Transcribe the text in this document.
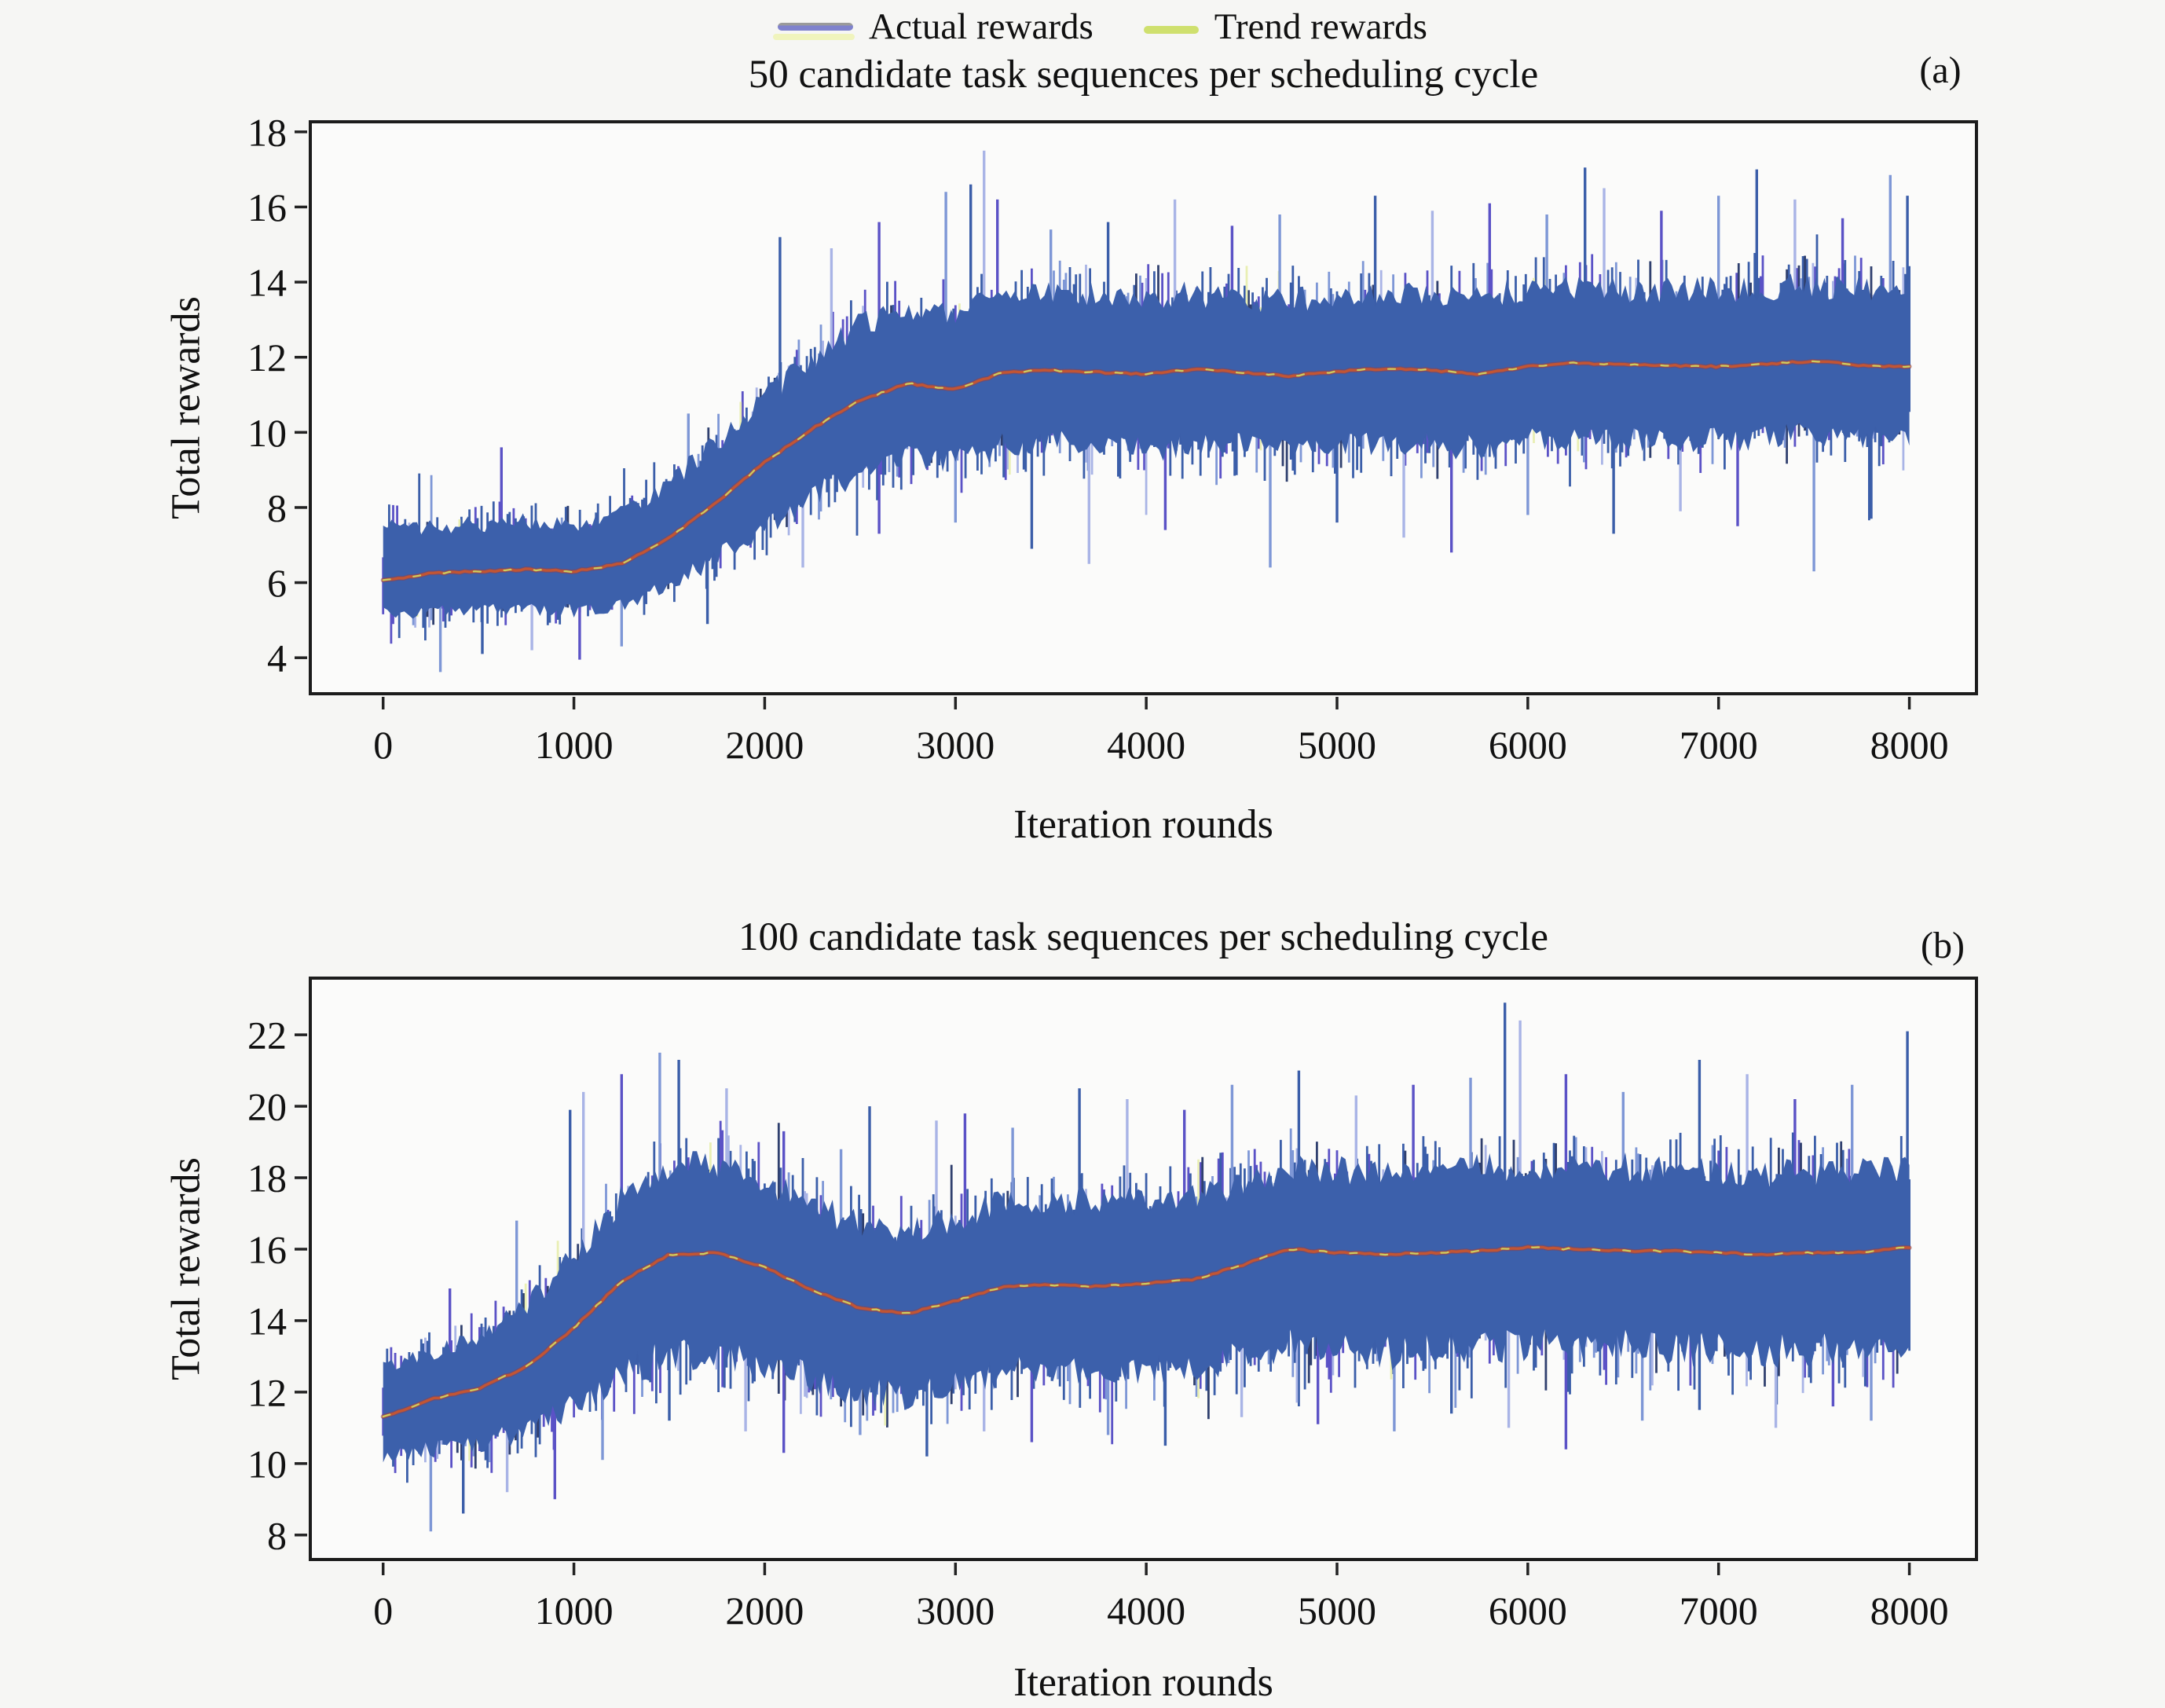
Actual rewards	Trend rewards
50 candidate task sequences per scheduling cycle	(a)
Total rewards
0	1000	2000	3000	4000	5000	6000	7000	8000
4
6
8
10
12
14
16
18
Iteration rounds
100 candidate task sequences per scheduling cycle	(b)
Total rewards
0	1000	2000	3000	4000	5000	6000	7000	8000
8
10
12
14
16
18
20
22
Iteration rounds
